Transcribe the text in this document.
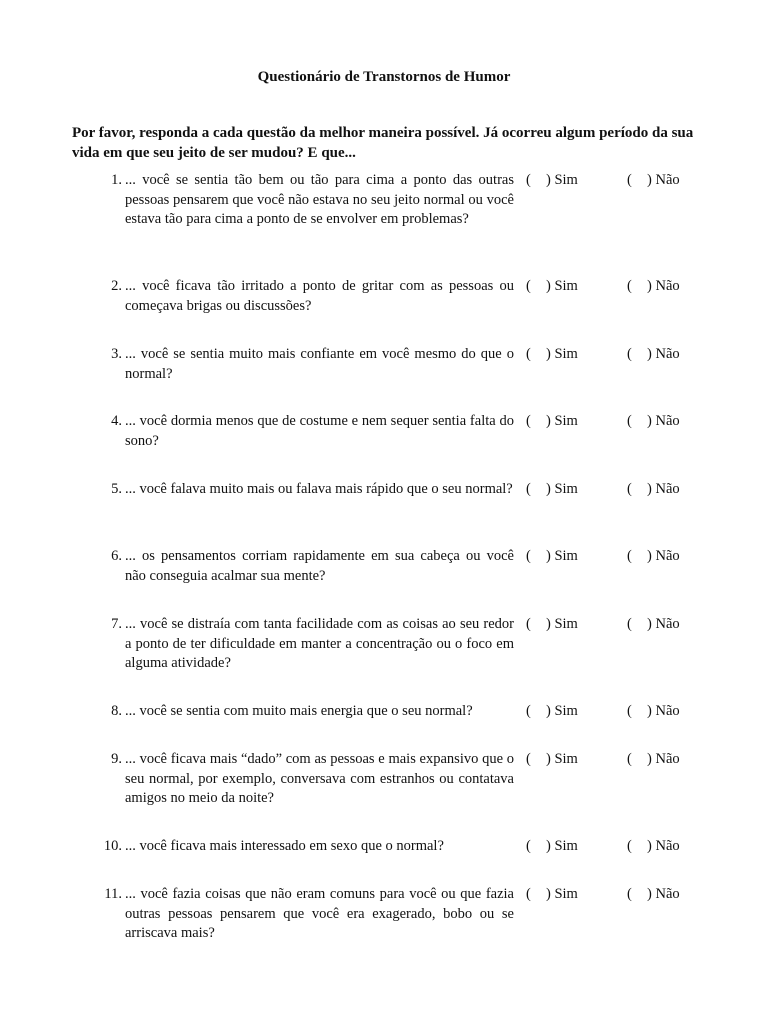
Questionário de Transtornos de Humor
Por favor, responda a cada questão da melhor maneira possível. Já ocorreu algum período da sua vida em que seu jeito de ser mudou? E que...
1. ... você se sentia tão bem ou tão para cima a ponto das outras pessoas pensarem que você não estava no seu jeito normal ou você estava tão para cima a ponto de se envolver em problemas?
( ) Sim	( ) Não
2. ... você ficava tão irritado a ponto de gritar com as pessoas ou começava brigas ou discussões?
( ) Sim	( ) Não
3. ... você se sentia muito mais confiante em você mesmo do que o normal?
( ) Sim	( ) Não
4. ... você dormia menos que de costume e nem sequer sentia falta do sono?
( ) Sim	( ) Não
5. ... você falava muito mais ou falava mais rápido que o seu normal? ( ) Sim	( ) Não
6. ... os pensamentos corriam rapidamente em sua cabeça ou você não conseguia acalmar sua mente?
( ) Sim	( ) Não
7. ... você se distraía com tanta facilidade com as coisas ao seu redor a ponto de ter dificuldade em manter a concentração ou o foco em alguma atividade?
( ) Sim	( ) Não
8. ... você se sentia com muito mais energia que o seu normal?	( ) Sim	( ) Não
9. ... você ficava mais “dado” com as pessoas e mais expansivo que o seu normal, por exemplo, conversava com estranhos ou contatava amigos no meio da noite?
( ) Sim	( ) Não
10. ... você ficava mais interessado em sexo que o normal?	( ) Sim	( ) Não
11. ... você fazia coisas que não eram comuns para você ou que fazia outras pessoas pensarem que você era exagerado, bobo ou se arriscava mais?
( ) Sim	( ) Não
